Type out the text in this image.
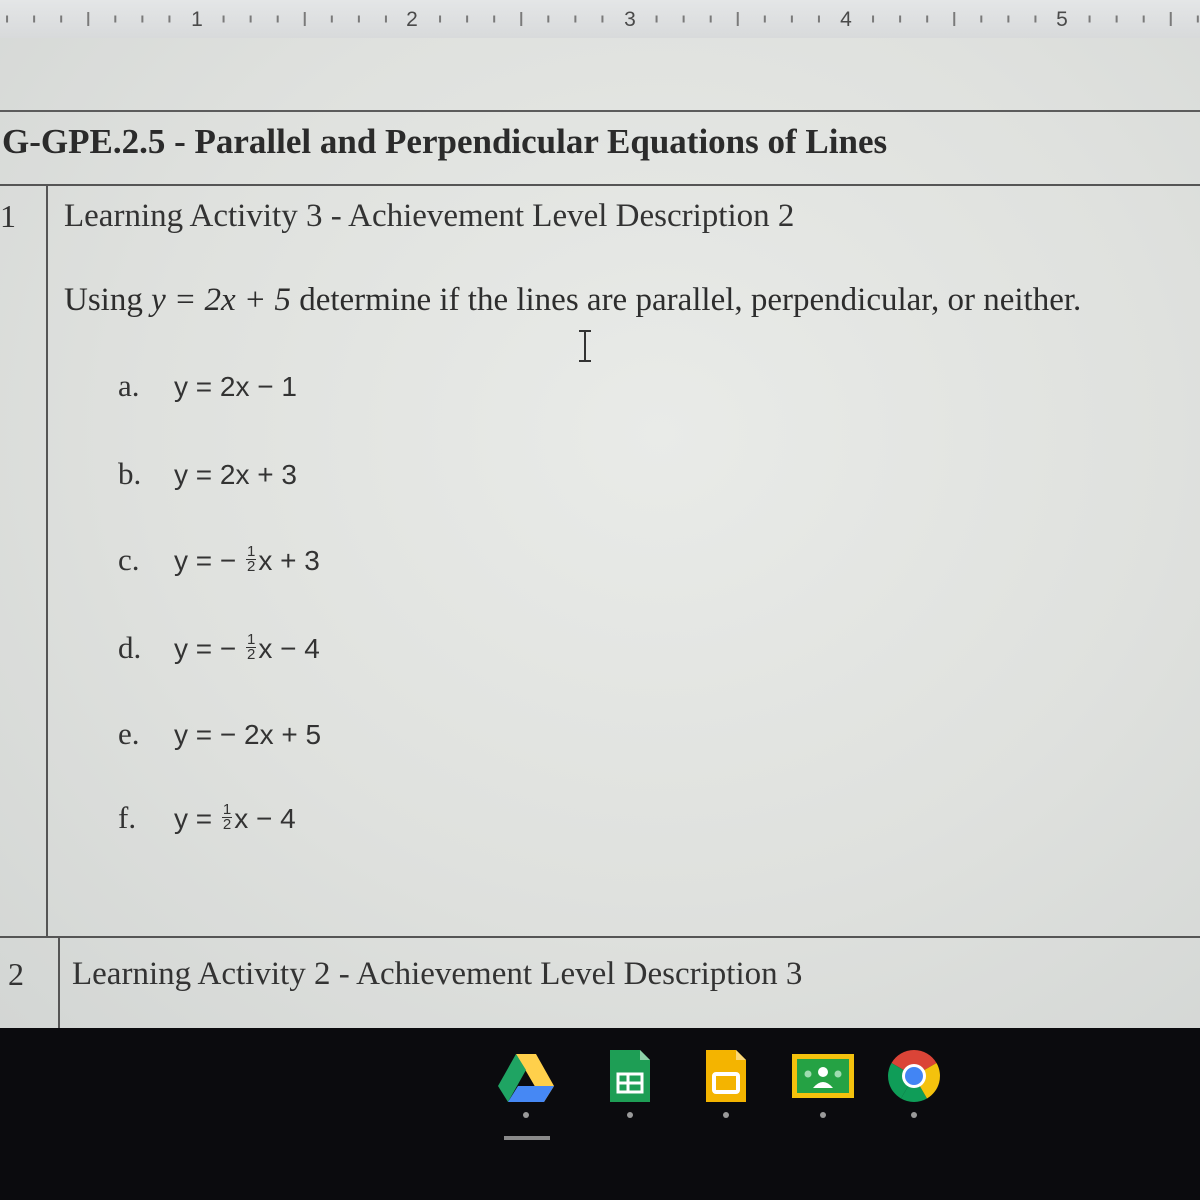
1	2	3	4	5
G-GPE.2.5 - Parallel and Perpendicular Equations of Lines
1 Learning Activity 3 - Achievement Level Description 2
Using y = 2x + 5 determine if the lines are parallel, perpendicular, or neither.
a. y = 2x − 1
b. y = 2x + 3
c. y = − $\frac{1}{2}$ x + 3
d. y = − $\frac{1}{2}$ x − 4
e. y = − 2x + 5
f. $y = \frac{1}{2}$ x − 4
2 Learning Activity 2 - Achievement Level Description 3
